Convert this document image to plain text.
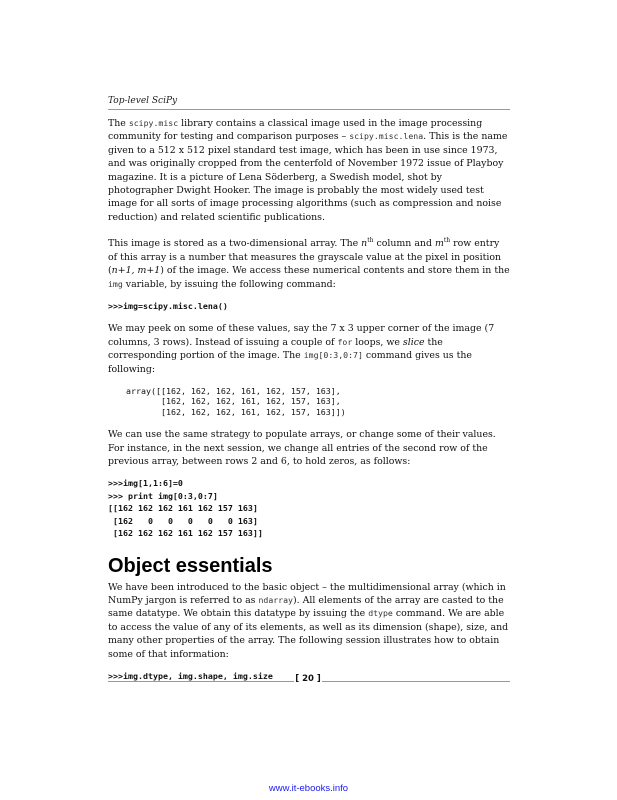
Top-level SciPy

The scipy.misc library contains a classical image used in the image processing community for testing and comparison purposes – scipy.misc.lena. This is the name given to a 512 x 512 pixel standard test image, which has been in use since 1973, and was originally cropped from the centerfold of November 1972 issue of Playboy magazine. It is a picture of Lena Söderberg, a Swedish model, shot by photographer Dwight Hooker. The image is probably the most widely used test image for all sorts of image processing algorithms (such as compression and noise reduction) and related scientific publications.

This image is stored as a two-dimensional array. The $n^{th}$ column and $m^{th}$ row entry of this array is a number that measures the grayscale value at the pixel in position (n+1, m+1) of the image. We access these numerical contents and store them in the img variable, by issuing the following command:

>>>img=scipy.misc.lena()

We may peek on some of these values, say the 7 x 3 upper corner of the image (7 columns, 3 rows). Instead of issuing a couple of for loops, we slice the corresponding portion of the image. The img[0:3,0:7] command gives us the following:

array([[162, 162, 162, 161, 162, 157, 163],
[162, 162, 162, 161, 162, 157, 163],
[162, 162, 162, 161, 162, 157, 163]])

We can use the same strategy to populate arrays, or change some of their values. For instance, in the next session, we change all entries of the second row of the previous array, between rows 2 and 6, to hold zeros, as follows:

>>>img[1,1:6]=0
>>> print img[0:3,0:7]
[[162 162 162 161 162 157 163]
[162   0   0   0   0   0 163]
[162 162 162 161 162 157 163]]
Object essentials

We have been introduced to the basic object – the multidimensional array (which in NumPy jargon is referred to as ndarray). All elements of the array are casted to the same datatype. We obtain this datatype by issuing the dtype command. We are able to access the value of any of its elements, as well as its dimension (shape), size, and many other properties of the array. The following session illustrates how to obtain some of that information:

>>>img.dtype, img.shape, img.size	[ 20 ]
www.it-ebooks.info
